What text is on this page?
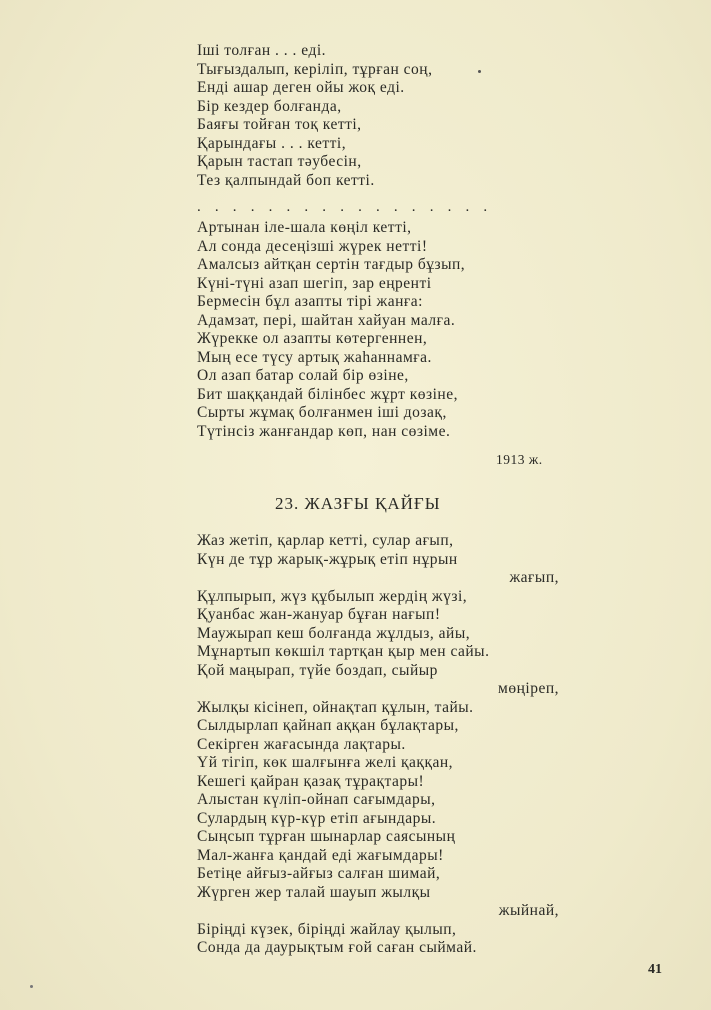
Іші толған . . . еді.
Тығыздалып, керіліп, тұрған соң,
Енді ашар деген ойы жоқ еді.
Бір кездер болғанда,
Баяғы тойған тоқ кетті,
Қарындағы . . . кетті,
Қарын тастап тәубесін,
Тез қалпындай боп кетті.
. . . . . . . . . . . . . . . . .
Артынан іле-шала көңіл кетті,
Ал сонда десеңізші жүрек нетті!
Амалсыз айтқан сертін тағдыр бұзып,
Күні-түні азап шегіп, зар еңренті
Бермесін бұл азапты тірі жанға:
Адамзат, пері, шайтан хайуан малға.
Жүрекке ол азапты көтергеннен,
Мың есе түсу артық жаһаннамға.
Ол азап батар солай бір өзіне,
Бит шаққандай білінбес жұрт көзіне,
Сырты жұмақ болғанмен іші дозақ,
Түтінсіз жанғандар көп, нан сөзіме.
1913 ж.
23. ЖАЗҒЫ ҚАЙҒЫ
Жаз жетіп, қарлар кетті, сулар ағып,
Күн де тұр жарық-жұрық етіп нұрын
жағып,
Құлпырып, жүз құбылып жердің жүзі,
Қуанбас жан-жануар бұған нағып!
Маужырап кеш болғанда жұлдыз, айы,
Мұнартып көкшіл тартқан қыр мен сайы.
Қой маңырап, түйе боздап, сыйыр
мөңіреп,
Жылқы кісінеп, ойнақтап құлын, тайы.
Сылдырлап қайнап аққан бұлақтары,
Секірген жағасында лақтары.
Үй тігіп, көк шалғынға желі қаққан,
Кешегі қайран қазақ тұрақтары!
Алыстан күліп-ойнап сағымдары,
Сулардың күр-күр етіп ағындары.
Сыңсып тұрған шынарлар саясының
Мал-жанға қандай еді жағымдары!
Бетіңе айғыз-айғыз салған шимай,
Жүрген жер талай шауып жылқы
жыйнай,
Біріңді күзек, біріңді жайлау қылып,
Сонда да даурықтым ғой саған сыймай.
41
